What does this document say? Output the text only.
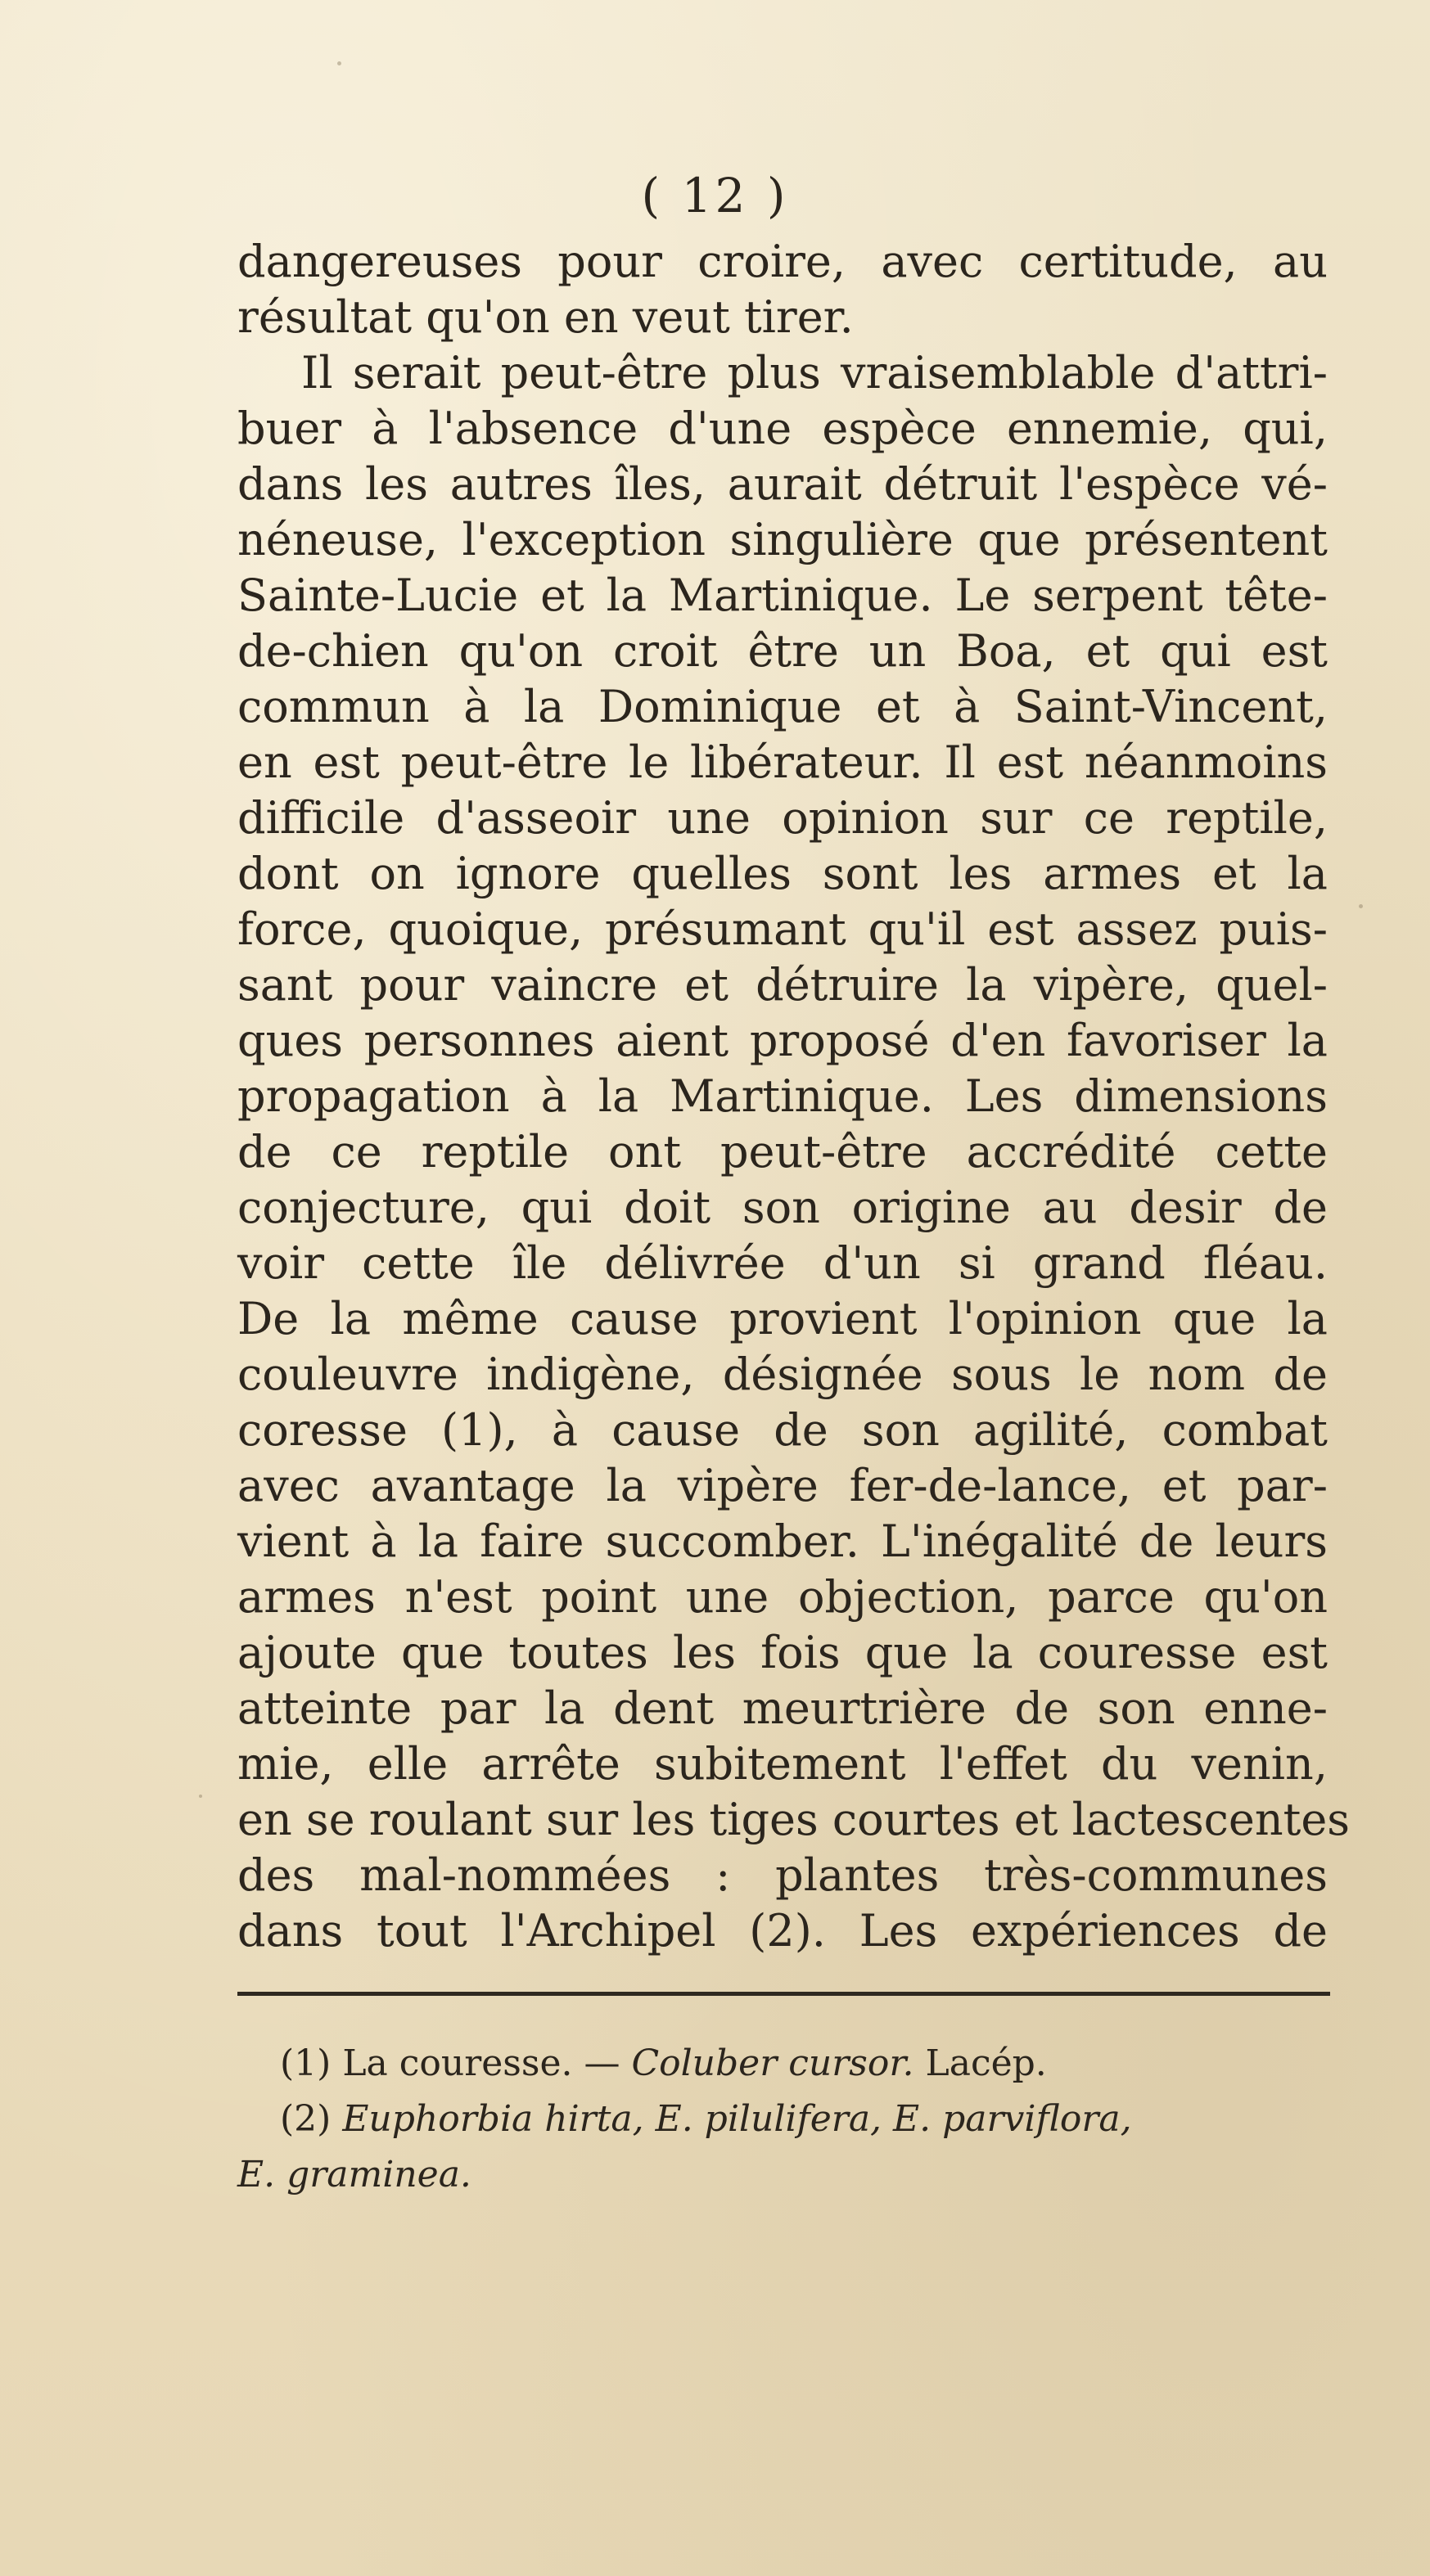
( 12 )
dangereuses pour croire, avec certitude, au
résultat qu'on en veut tirer.
Il serait peut-être plus vraisemblable d'attri-
buer à l'absence d'une espèce ennemie, qui,
dans les autres îles, aurait détruit l'espèce vé-
néneuse, l'exception singulière que présentent
Sainte-Lucie et la Martinique. Le serpent tête-
de-chien qu'on croit être un Boa, et qui est
commun à la Dominique et à Saint-Vincent,
en est peut-être le libérateur. Il est néanmoins
difficile d'asseoir une opinion sur ce reptile,
dont on ignore quelles sont les armes et la
force, quoique, présumant qu'il est assez puis-
sant pour vaincre et détruire la vipère, quel-
ques personnes aient proposé d'en favoriser la
propagation à la Martinique. Les dimensions
de ce reptile ont peut-être accrédité cette
conjecture, qui doit son origine au desir de
voir cette île délivrée d'un si grand fléau.
De la même cause provient l'opinion que la
couleuvre indigène, désignée sous le nom de
coresse (1), à cause de son agilité, combat
avec avantage la vipère fer-de-lance, et par-
vient à la faire succomber. L'inégalité de leurs
armes n'est point une objection, parce qu'on
ajoute que toutes les fois que la couresse est
atteinte par la dent meurtrière de son enne-
mie, elle arrête subitement l'effet du venin,
en se roulant sur les tiges courtes et lactescentes
des mal-nommées : plantes très-communes
dans tout l'Archipel (2). Les expériences de
(1) La couresse. — Coluber cursor. Lacép.
(2) Euphorbia hirta, E. pilulifera, E. parviflora,
E. graminea.
